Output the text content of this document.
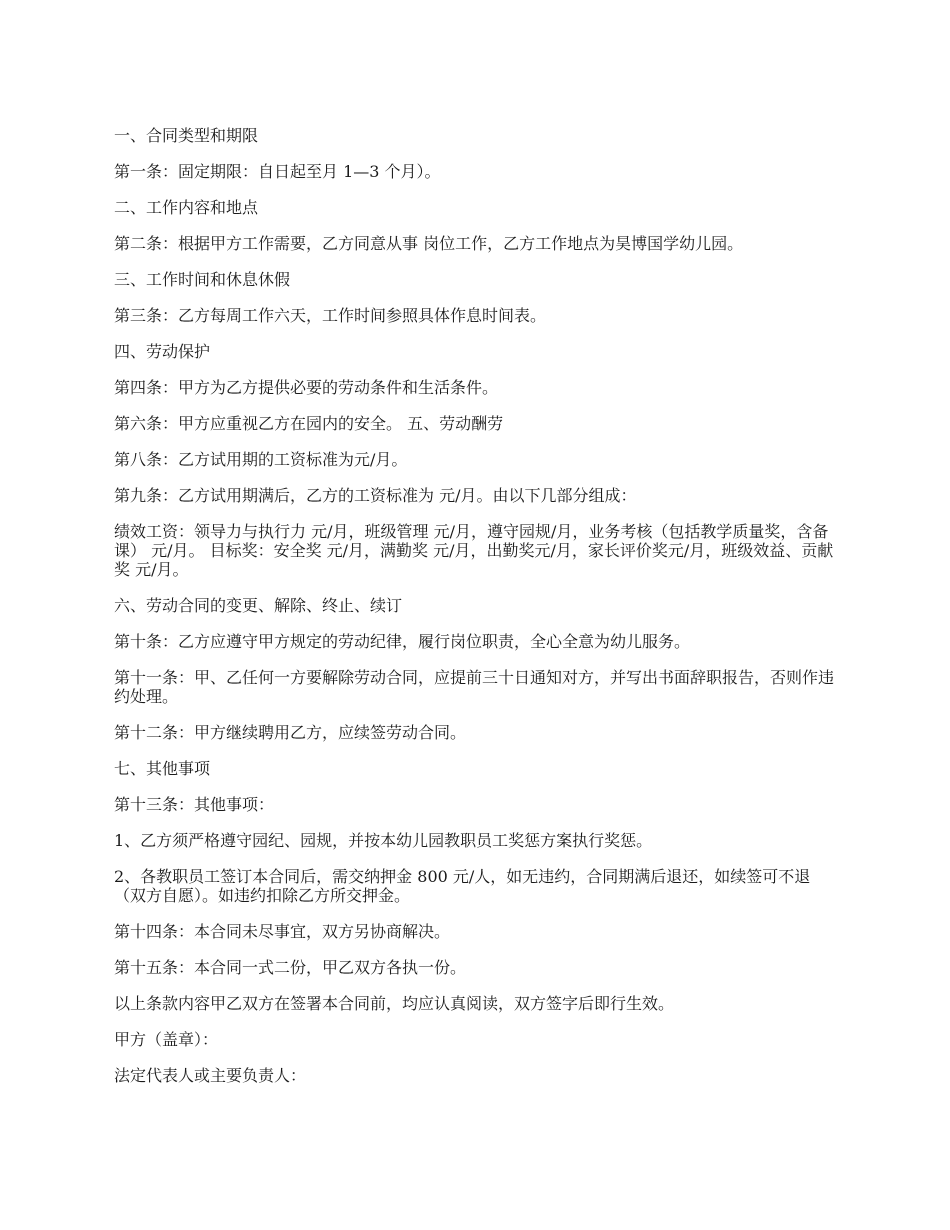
一、合同类型和期限

第一条：固定期限：自日起至月 1—3 个月）。

二、工作内容和地点

第二条：根据甲方工作需要，乙方同意从事 岗位工作，乙方工作地点为昊博国学幼儿园。

三、工作时间和休息休假

第三条：乙方每周工作六天，工作时间参照具体作息时间表。

四、劳动保护

第四条：甲方为乙方提供必要的劳动条件和生活条件。

第六条：甲方应重视乙方在园内的安全。 五、劳动酬劳

第八条：乙方试用期的工资标准为元/月。

第九条：乙方试用期满后，乙方的工资标准为 元/月。由以下几部分组成：

绩效工资：领导力与执行力 元/月，班级管理 元/月，遵守园规/月，业务考核（包括教学质量奖，含备课） 元/月。 目标奖：安全奖 元/月，满勤奖 元/月，出勤奖元/月，家长评价奖元/月，班级效益、贡献奖 元/月。

六、劳动合同的变更、解除、终止、续订

第十条：乙方应遵守甲方规定的劳动纪律，履行岗位职责，全心全意为幼儿服务。

第十一条：甲、乙任何一方要解除劳动合同，应提前三十日通知对方，并写出书面辞职报告，否则作违约处理。

第十二条：甲方继续聘用乙方，应续签劳动合同。

七、其他事项

第十三条：其他事项：

1、乙方须严格遵守园纪、园规，并按本幼儿园教职员工奖惩方案执行奖惩。

2、各教职员工签订本合同后，需交纳押金 800 元/人，如无违约，合同期满后退还，如续签可不退（双方自愿）。如违约扣除乙方所交押金。

第十四条：本合同未尽事宜，双方另协商解决。

第十五条：本合同一式二份，甲乙双方各执一份。

以上条款内容甲乙双方在签署本合同前，均应认真阅读，双方签字后即行生效。

甲方（盖章）：

法定代表人或主要负责人：
